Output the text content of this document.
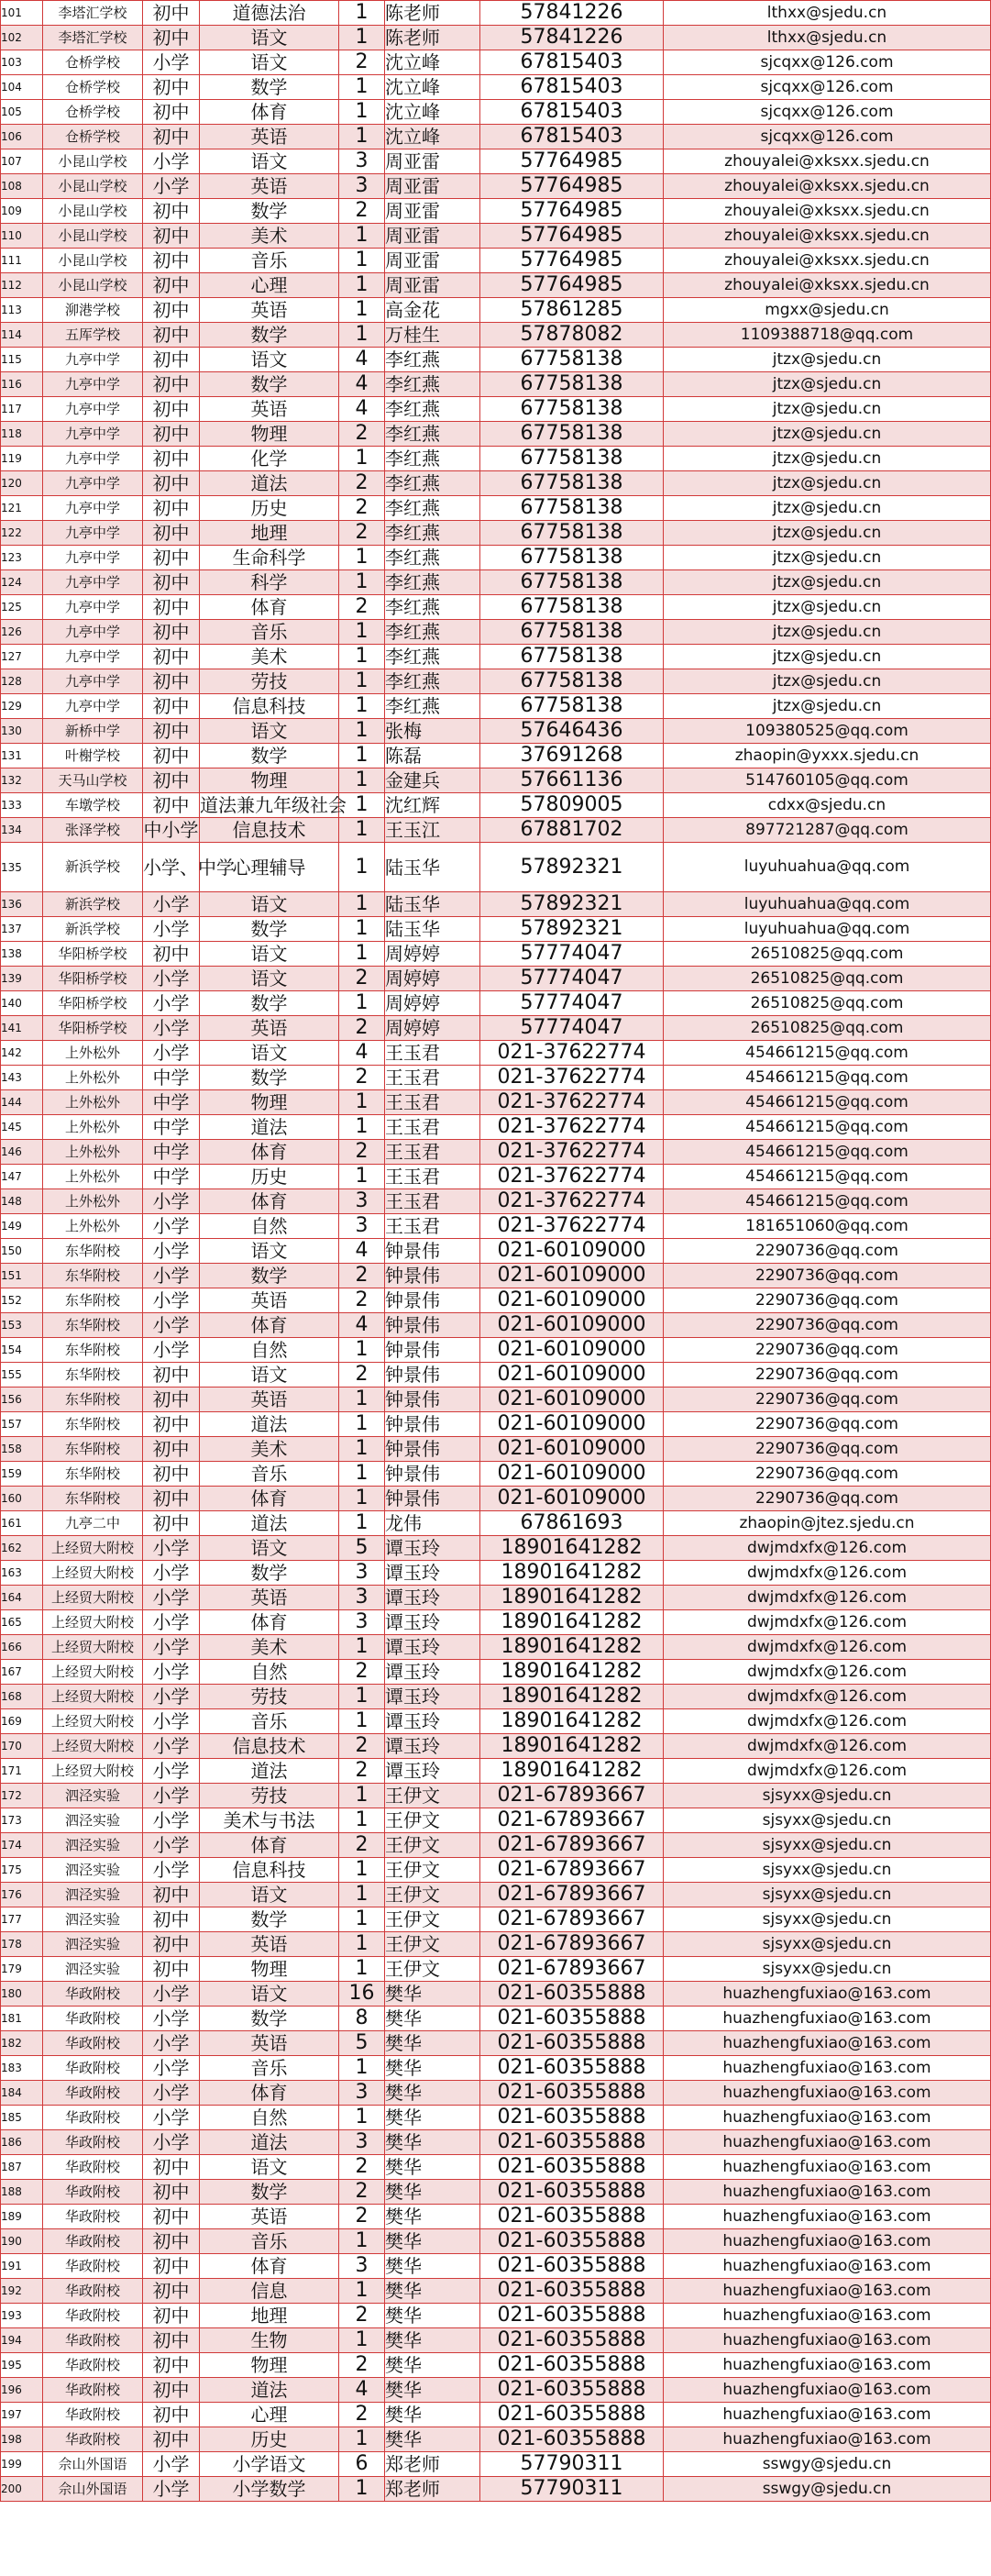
101	李塔汇学校	初中	道德法治	1	陈老师	57841226	lthxx@sjedu.cn
102	李塔汇学校	初中	语文	1	陈老师	57841226	lthxx@sjedu.cn
103	仓桥学校	小学	语文	2	沈立峰	67815403	sjcqxx@126.com
104	仓桥学校	初中	数学	1	沈立峰	67815403	sjcqxx@126.com
105	仓桥学校	初中	体育	1	沈立峰	67815403	sjcqxx@126.com
106	仓桥学校	初中	英语	1	沈立峰	67815403	sjcqxx@126.com
107	小昆山学校	小学	语文	3	周亚雷	57764985	zhouyalei@xksxx.sjedu.cn
108	小昆山学校	小学	英语	3	周亚雷	57764985	zhouyalei@xksxx.sjedu.cn
109	小昆山学校	初中	数学	2	周亚雷	57764985	zhouyalei@xksxx.sjedu.cn
110	小昆山学校	初中	美术	1	周亚雷	57764985	zhouyalei@xksxx.sjedu.cn
111	小昆山学校	初中	音乐	1	周亚雷	57764985	zhouyalei@xksxx.sjedu.cn
112	小昆山学校	初中	心理	1	周亚雷	57764985	zhouyalei@xksxx.sjedu.cn
113	泖港学校	初中	英语	1	高金花	57861285	mgxx@sjedu.cn
114	五厍学校	初中	数学	1	万桂生	57878082	1109388718@qq.com
115	九亭中学	初中	语文	4	李红燕	67758138	jtzx@sjedu.cn
116	九亭中学	初中	数学	4	李红燕	67758138	jtzx@sjedu.cn
117	九亭中学	初中	英语	4	李红燕	67758138	jtzx@sjedu.cn
118	九亭中学	初中	物理	2	李红燕	67758138	jtzx@sjedu.cn
119	九亭中学	初中	化学	1	李红燕	67758138	jtzx@sjedu.cn
120	九亭中学	初中	道法	2	李红燕	67758138	jtzx@sjedu.cn
121	九亭中学	初中	历史	2	李红燕	67758138	jtzx@sjedu.cn
122	九亭中学	初中	地理	2	李红燕	67758138	jtzx@sjedu.cn
123	九亭中学	初中	生命科学	1	李红燕	67758138	jtzx@sjedu.cn
124	九亭中学	初中	科学	1	李红燕	67758138	jtzx@sjedu.cn
125	九亭中学	初中	体育	2	李红燕	67758138	jtzx@sjedu.cn
126	九亭中学	初中	音乐	1	李红燕	67758138	jtzx@sjedu.cn
127	九亭中学	初中	美术	1	李红燕	67758138	jtzx@sjedu.cn
128	九亭中学	初中	劳技	1	李红燕	67758138	jtzx@sjedu.cn
129	九亭中学	初中	信息科技	1	李红燕	67758138	jtzx@sjedu.cn
130	新桥中学	初中	语文	1	张梅	57646436	109380525@qq.com
131	叶榭学校	初中	数学	1	陈磊	37691268	zhaopin@yxxx.sjedu.cn
132	天马山学校	初中	物理	1	金建兵	57661136	514760105@qq.com
133	车墩学校	初中	道法兼九年级社会	1	沈红辉	57809005	cdxx@sjedu.cn
134	张泽学校	中小学	信息技术	1	王玉江	67881702	897721287@qq.com
135	新浜学校	小学、中学	心理辅导	1	陆玉华	57892321	luyuhuahua@qq.com
136	新浜学校	小学	语文	1	陆玉华	57892321	luyuhuahua@qq.com
137	新浜学校	小学	数学	1	陆玉华	57892321	luyuhuahua@qq.com
138	华阳桥学校	初中	语文	1	周婷婷	57774047	26510825@qq.com
139	华阳桥学校	小学	语文	2	周婷婷	57774047	26510825@qq.com
140	华阳桥学校	小学	数学	1	周婷婷	57774047	26510825@qq.com
141	华阳桥学校	小学	英语	2	周婷婷	57774047	26510825@qq.com
142	上外松外	小学	语文	4	王玉君	021-37622774	454661215@qq.com
143	上外松外	中学	数学	2	王玉君	021-37622774	454661215@qq.com
144	上外松外	中学	物理	1	王玉君	021-37622774	454661215@qq.com
145	上外松外	中学	道法	1	王玉君	021-37622774	454661215@qq.com
146	上外松外	中学	体育	2	王玉君	021-37622774	454661215@qq.com
147	上外松外	中学	历史	1	王玉君	021-37622774	454661215@qq.com
148	上外松外	小学	体育	3	王玉君	021-37622774	454661215@qq.com
149	上外松外	小学	自然	3	王玉君	021-37622774	181651060@qq.com
150	东华附校	小学	语文	4	钟景伟	021-60109000	2290736@qq.com
151	东华附校	小学	数学	2	钟景伟	021-60109000	2290736@qq.com
152	东华附校	小学	英语	2	钟景伟	021-60109000	2290736@qq.com
153	东华附校	小学	体育	4	钟景伟	021-60109000	2290736@qq.com
154	东华附校	小学	自然	1	钟景伟	021-60109000	2290736@qq.com
155	东华附校	初中	语文	2	钟景伟	021-60109000	2290736@qq.com
156	东华附校	初中	英语	1	钟景伟	021-60109000	2290736@qq.com
157	东华附校	初中	道法	1	钟景伟	021-60109000	2290736@qq.com
158	东华附校	初中	美术	1	钟景伟	021-60109000	2290736@qq.com
159	东华附校	初中	音乐	1	钟景伟	021-60109000	2290736@qq.com
160	东华附校	初中	体育	1	钟景伟	021-60109000	2290736@qq.com
161	九亭二中	初中	道法	1	龙伟	67861693	zhaopin@jtez.sjedu.cn
162	上经贸大附校	小学	语文	5	谭玉玲	18901641282	dwjmdxfx@126.com
163	上经贸大附校	小学	数学	3	谭玉玲	18901641282	dwjmdxfx@126.com
164	上经贸大附校	小学	英语	3	谭玉玲	18901641282	dwjmdxfx@126.com
165	上经贸大附校	小学	体育	3	谭玉玲	18901641282	dwjmdxfx@126.com
166	上经贸大附校	小学	美术	1	谭玉玲	18901641282	dwjmdxfx@126.com
167	上经贸大附校	小学	自然	2	谭玉玲	18901641282	dwjmdxfx@126.com
168	上经贸大附校	小学	劳技	1	谭玉玲	18901641282	dwjmdxfx@126.com
169	上经贸大附校	小学	音乐	1	谭玉玲	18901641282	dwjmdxfx@126.com
170	上经贸大附校	小学	信息技术	2	谭玉玲	18901641282	dwjmdxfx@126.com
171	上经贸大附校	小学	道法	2	谭玉玲	18901641282	dwjmdxfx@126.com
172	泗泾实验	小学	劳技	1	王伊文	021-67893667	sjsyxx@sjedu.cn
173	泗泾实验	小学	美术与书法	1	王伊文	021-67893667	sjsyxx@sjedu.cn
174	泗泾实验	小学	体育	2	王伊文	021-67893667	sjsyxx@sjedu.cn
175	泗泾实验	小学	信息科技	1	王伊文	021-67893667	sjsyxx@sjedu.cn
176	泗泾实验	初中	语文	1	王伊文	021-67893667	sjsyxx@sjedu.cn
177	泗泾实验	初中	数学	1	王伊文	021-67893667	sjsyxx@sjedu.cn
178	泗泾实验	初中	英语	1	王伊文	021-67893667	sjsyxx@sjedu.cn
179	泗泾实验	初中	物理	1	王伊文	021-67893667	sjsyxx@sjedu.cn
180	华政附校	小学	语文	16	樊华	021-60355888	huazhengfuxiao@163.com
181	华政附校	小学	数学	8	樊华	021-60355888	huazhengfuxiao@163.com
182	华政附校	小学	英语	5	樊华	021-60355888	huazhengfuxiao@163.com
183	华政附校	小学	音乐	1	樊华	021-60355888	huazhengfuxiao@163.com
184	华政附校	小学	体育	3	樊华	021-60355888	huazhengfuxiao@163.com
185	华政附校	小学	自然	1	樊华	021-60355888	huazhengfuxiao@163.com
186	华政附校	小学	道法	3	樊华	021-60355888	huazhengfuxiao@163.com
187	华政附校	初中	语文	2	樊华	021-60355888	huazhengfuxiao@163.com
188	华政附校	初中	数学	2	樊华	021-60355888	huazhengfuxiao@163.com
189	华政附校	初中	英语	2	樊华	021-60355888	huazhengfuxiao@163.com
190	华政附校	初中	音乐	1	樊华	021-60355888	huazhengfuxiao@163.com
191	华政附校	初中	体育	3	樊华	021-60355888	huazhengfuxiao@163.com
192	华政附校	初中	信息	1	樊华	021-60355888	huazhengfuxiao@163.com
193	华政附校	初中	地理	2	樊华	021-60355888	huazhengfuxiao@163.com
194	华政附校	初中	生物	1	樊华	021-60355888	huazhengfuxiao@163.com
195	华政附校	初中	物理	2	樊华	021-60355888	huazhengfuxiao@163.com
196	华政附校	初中	道法	4	樊华	021-60355888	huazhengfuxiao@163.com
197	华政附校	初中	心理	2	樊华	021-60355888	huazhengfuxiao@163.com
198	华政附校	初中	历史	1	樊华	021-60355888	huazhengfuxiao@163.com
199	佘山外国语	小学	小学语文	6	郑老师	57790311	sswgy@sjedu.cn
200	佘山外国语	小学	小学数学	1	郑老师	57790311	sswgy@sjedu.cn
